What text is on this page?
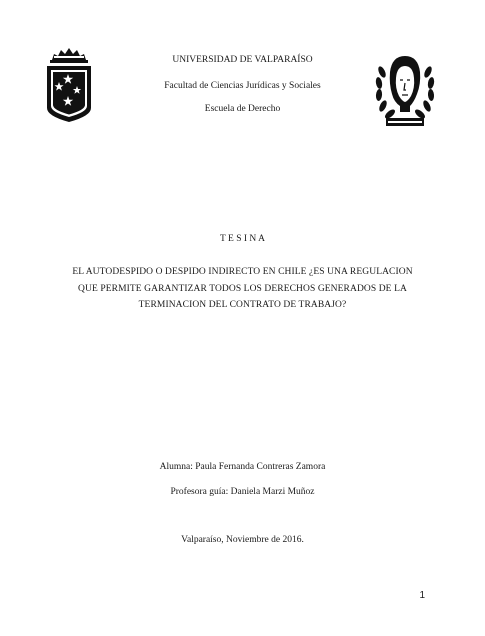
UNIVERSIDAD DE VALPARAÍSO
Facultad de Ciencias Jurídicas y Sociales
Escuela de Derecho
T E S I N A
EL AUTODESPIDO O DESPIDO INDIRECTO EN CHILE ¿ES UNA REGULACION
QUE PERMITE GARANTIZAR TODOS LOS DERECHOS GENERADOS DE LA
TERMINACION DEL CONTRATO DE TRABAJO?
Alumna: Paula Fernanda Contreras Zamora
Profesora guía: Daniela Marzi Muñoz
Valparaíso, Noviembre de 2016.
1
